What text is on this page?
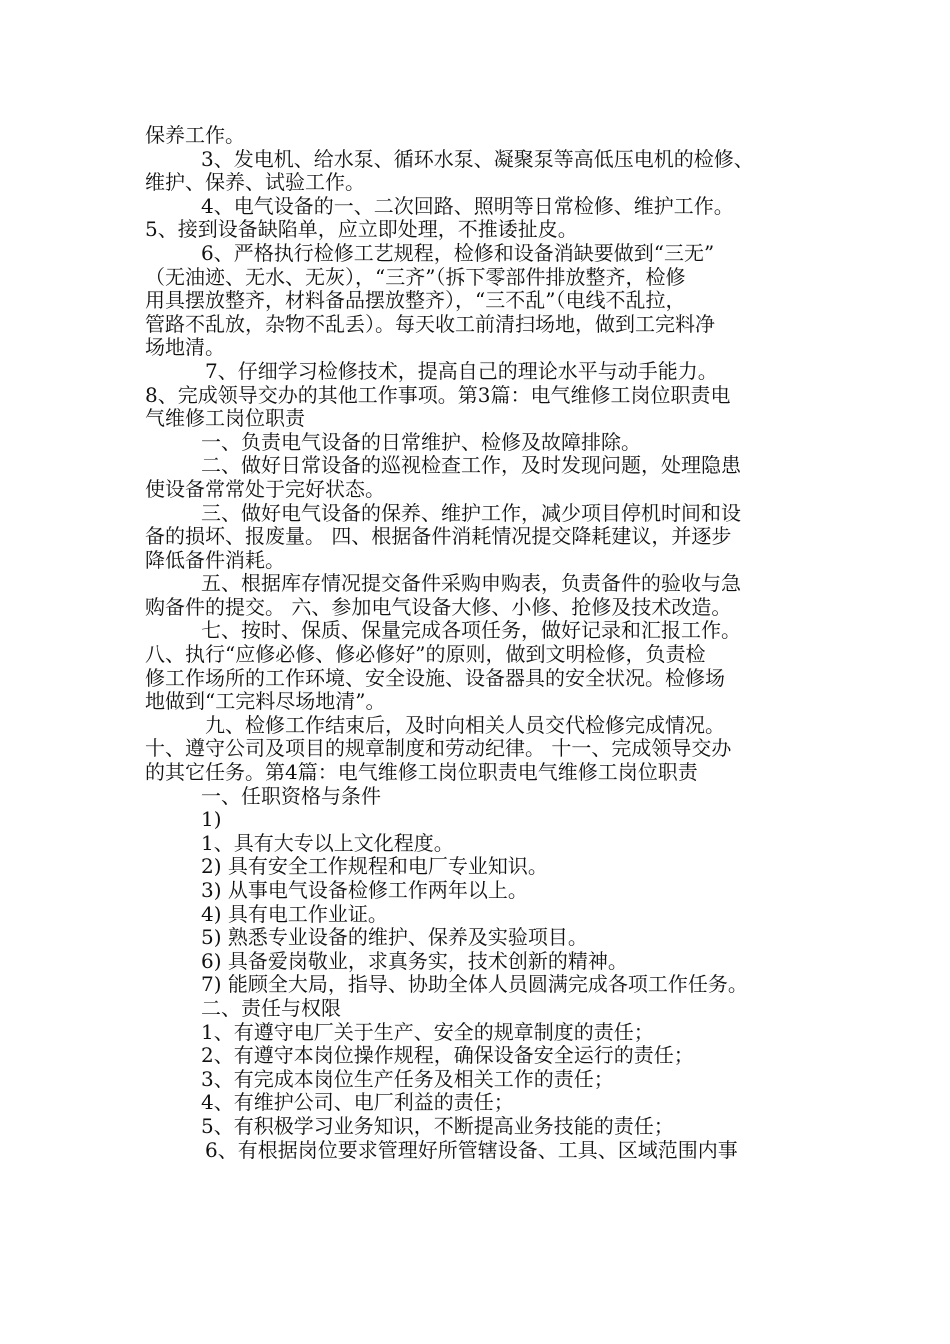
保养工作。
3、发电机、给水泵、循环水泵、凝聚泵等高低压电机的检修、
维护、保养、试验工作。
4、电气设备的一、二次回路、照明等日常检修、维护工作。
5、接到设备缺陷单，应立即处理，不推诿扯皮。
6、严格执行检修工艺规程，检修和设备消缺要做到“三无”
（无油迹、无水、无灰），“三齐”（拆下零部件排放整齐，检修
用具摆放整齐，材料备品摆放整齐），“三不乱”（电线不乱拉，
管路不乱放，杂物不乱丢）。每天收工前清扫场地，做到工完料净
场地清。
7、仔细学习检修技术，提高自己的理论水平与动手能力。
8、完成领导交办的其他工作事项。第3篇：电气维修工岗位职责电
气维修工岗位职责
一、负责电气设备的日常维护、检修及故障排除。
二、做好日常设备的巡视检查工作，及时发现问题，处理隐患
使设备常常处于完好状态。
三、做好电气设备的保养、维护工作，减少项目停机时间和设
备的损坏、报废量。 四、根据备件消耗情况提交降耗建议，并逐步
降低备件消耗。
五、根据库存情况提交备件采购申购表，负责备件的验收与急
购备件的提交。 六、参加电气设备大修、小修、抢修及技术改造。
七、按时、保质、保量完成各项任务，做好记录和汇报工作。
八、执行“应修必修、修必修好”的原则，做到文明检修，负责检
修工作场所的工作环境、安全设施、设备器具的安全状况。检修场
地做到“工完料尽场地清”。
九、检修工作结束后，及时向相关人员交代检修完成情况。
十、遵守公司及项目的规章制度和劳动纪律。 十一、完成领导交办
的其它任务。第4篇：电气维修工岗位职责电气维修工岗位职责
一、任职资格与条件
1)
1、具有大专以上文化程度。
2) 具有安全工作规程和电厂专业知识。
3) 从事电气设备检修工作两年以上。
4) 具有电工作业证。
5) 熟悉专业设备的维护、保养及实验项目。
6) 具备爱岗敬业，求真务实，技术创新的精神。
7) 能顾全大局，指导、协助全体人员圆满完成各项工作任务。
二、责任与权限
1、有遵守电厂关于生产、安全的规章制度的责任；
2、有遵守本岗位操作规程，确保设备安全运行的责任；
3、有完成本岗位生产任务及相关工作的责任；
4、有维护公司、电厂利益的责任；
5、有积极学习业务知识，不断提高业务技能的责任；
6、有根据岗位要求管理好所管辖设备、工具、区域范围内事
